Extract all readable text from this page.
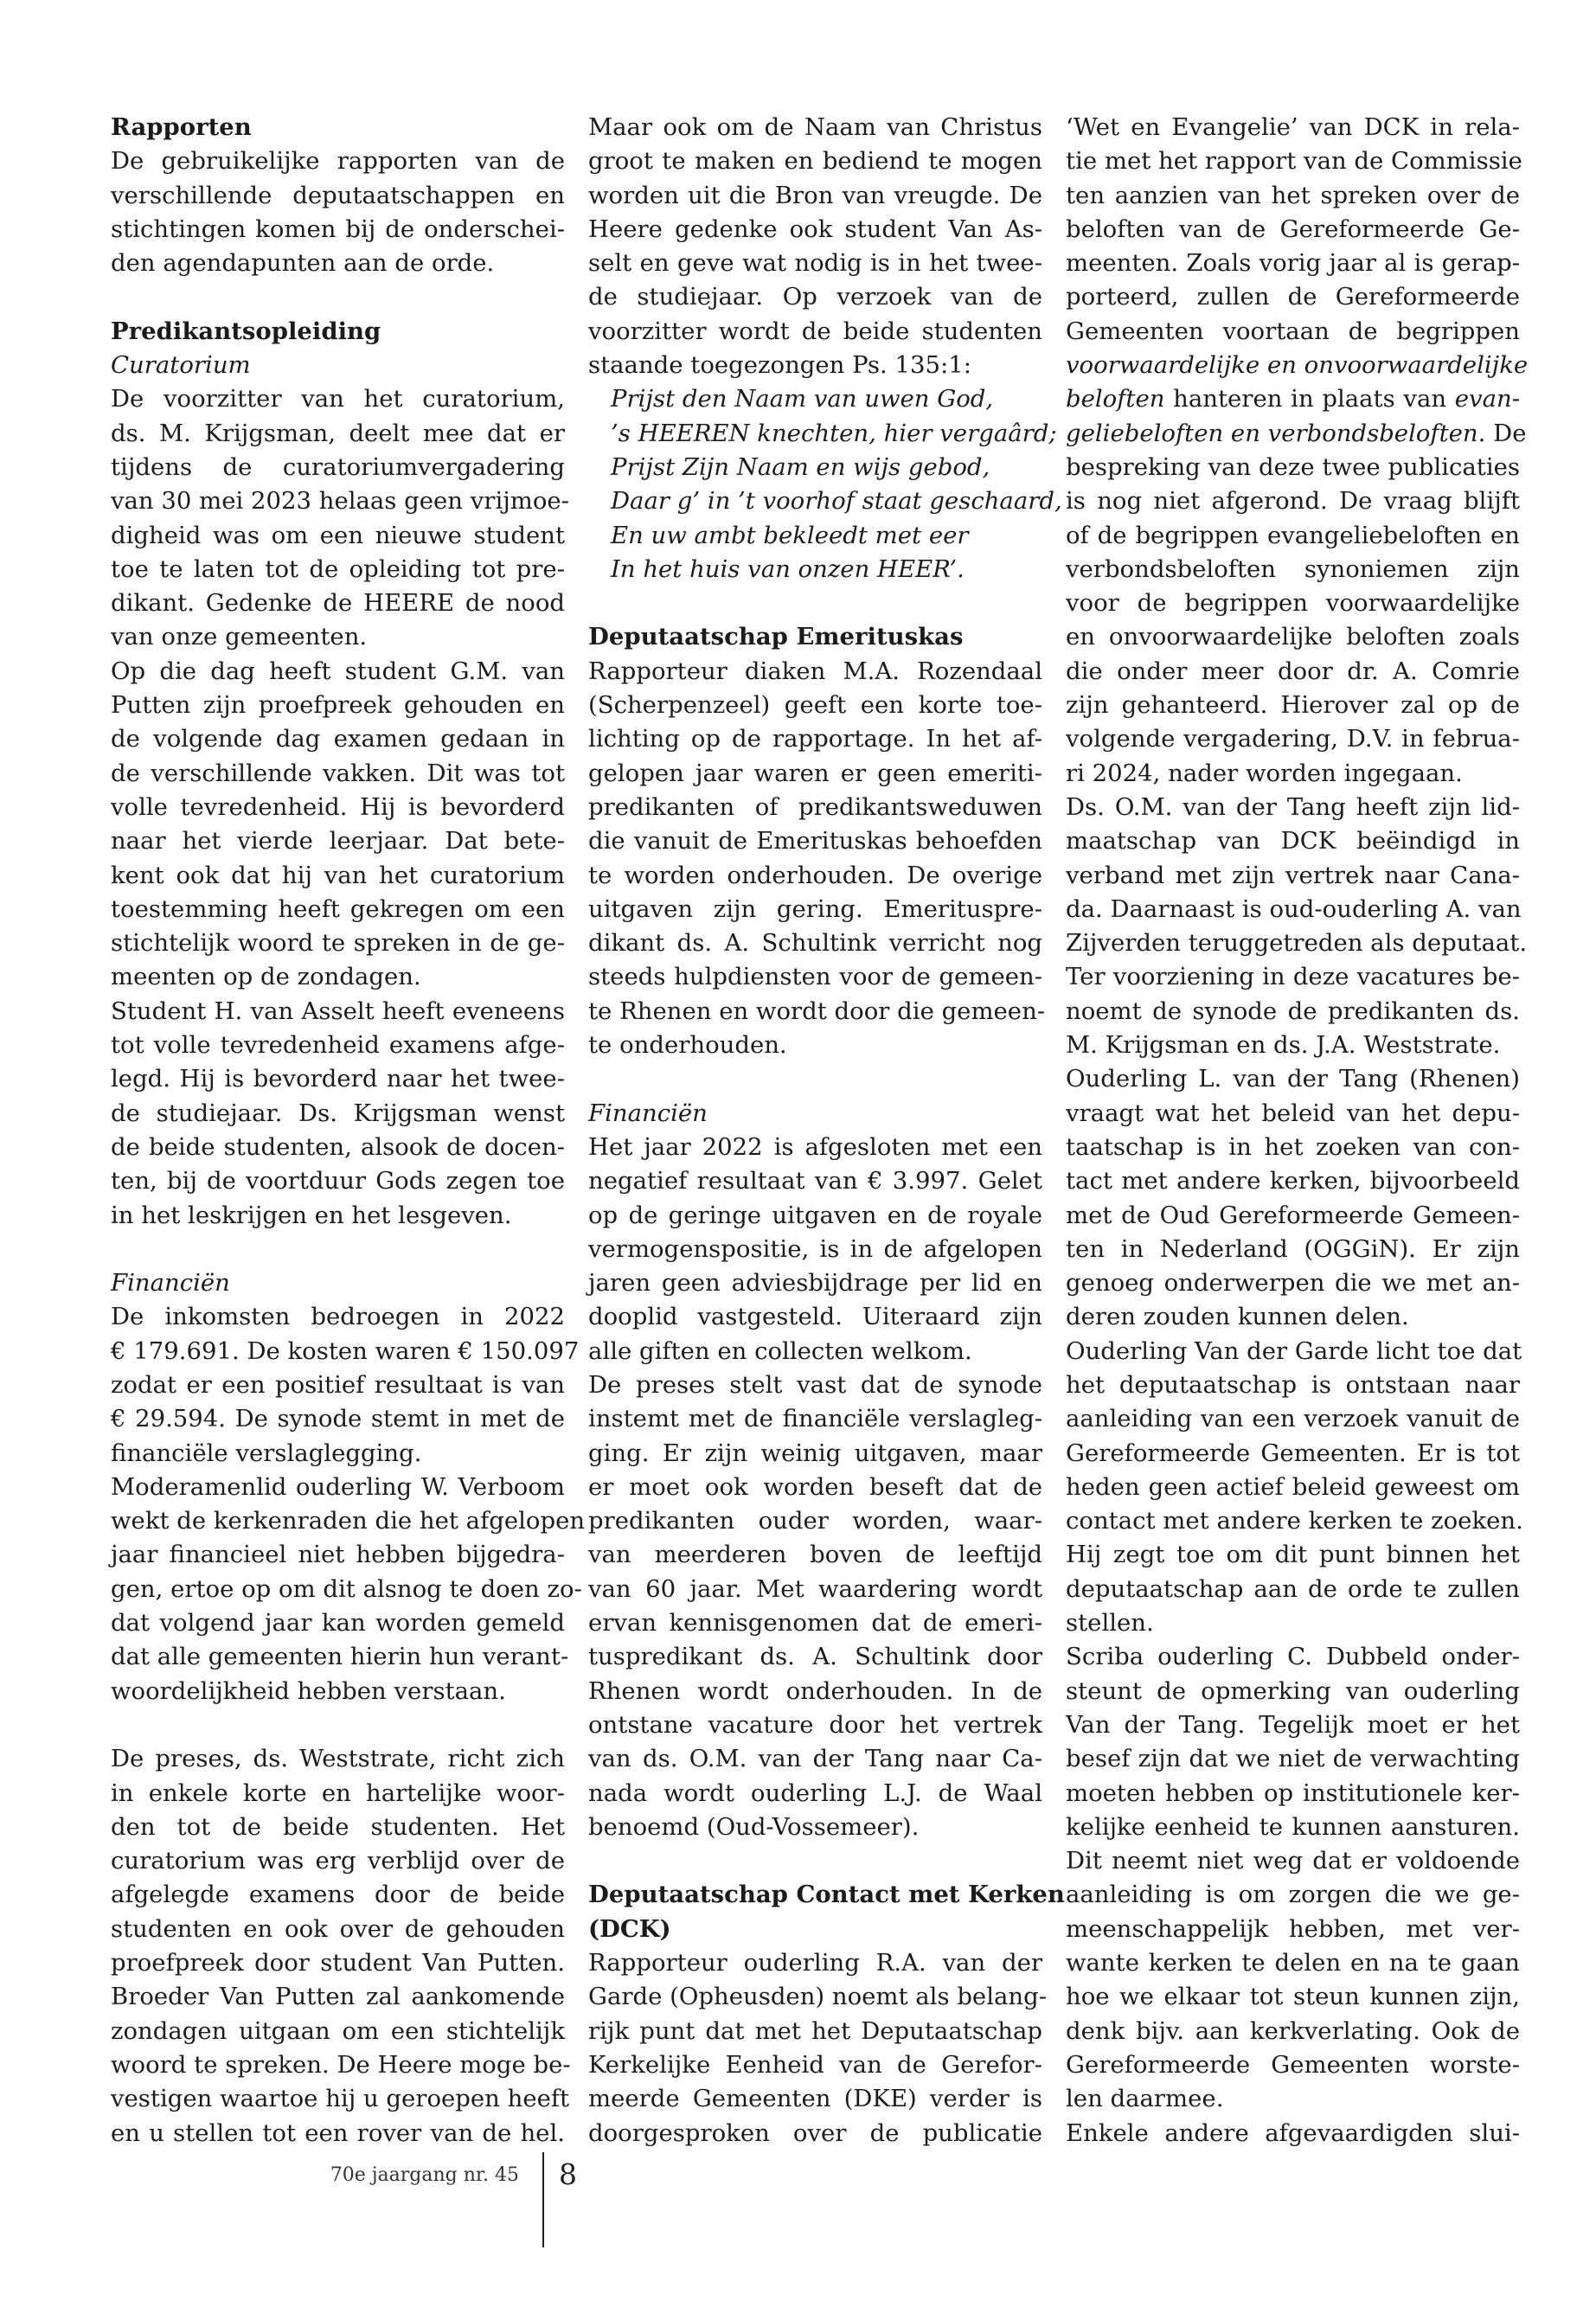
Rapporten
De gebruikelijke rapporten van de
verschillende deputaatschappen en
stichtingen komen bij de onderschei-
den agendapunten aan de orde.
Predikantsopleiding
Curatorium
De voorzitter van het curatorium,
ds. M. Krijgsman, deelt mee dat er
tijdens de curatoriumvergadering
van 30 mei 2023 helaas geen vrijmoe-
digheid was om een nieuwe student
toe te laten tot de opleiding tot pre-
dikant. Gedenke de HEERE de nood
van onze gemeenten.
Op die dag heeft student G.M. van
Putten zijn proefpreek gehouden en
de volgende dag examen gedaan in
de verschillende vakken. Dit was tot
volle tevredenheid. Hij is bevorderd
naar het vierde leerjaar. Dat bete-
kent ook dat hij van het curatorium
toestemming heeft gekregen om een
stichtelijk woord te spreken in de ge-
meenten op de zondagen.
Student H. van Asselt heeft eveneens
tot volle tevredenheid examens afge-
legd. Hij is bevorderd naar het twee-
de studiejaar. Ds. Krijgsman wenst
de beide studenten, alsook de docen-
ten, bij de voortduur Gods zegen toe
in het leskrijgen en het lesgeven.
Financiën
De inkomsten bedroegen in 2022
€ 179.691. De kosten waren € 150.097
zodat er een positief resultaat is van
€ 29.594. De synode stemt in met de
financiële verslaglegging.
Moderamenlid ouderling W. Verboom
wekt de kerkenraden die het afgelopen
jaar financieel niet hebben bijgedra-
gen, ertoe op om dit alsnog te doen zo-
dat volgend jaar kan worden gemeld
dat alle gemeenten hierin hun verant-
woordelijkheid hebben verstaan.
De preses, ds. Weststrate, richt zich
in enkele korte en hartelijke woor-
den tot de beide studenten. Het
curatorium was erg verblijd over de
afgelegde examens door de beide
studenten en ook over de gehouden
proefpreek door student Van Putten.
Broeder Van Putten zal aankomende
zondagen uitgaan om een stichtelijk
woord te spreken. De Heere moge be-
vestigen waartoe hij u geroepen heeft
en u stellen tot een rover van de hel.
Maar ook om de Naam van Christus
groot te maken en bediend te mogen
worden uit die Bron van vreugde. De
Heere gedenke ook student Van As-
selt en geve wat nodig is in het twee-
de studiejaar. Op verzoek van de
voorzitter wordt de beide studenten
staande toegezongen Ps. 135:1:
Prijst den Naam van uwen God,
’s HEEREN knechten, hier vergaârd;
Prijst Zijn Naam en wijs gebod,
Daar g’ in ’t voorhof staat geschaard,
En uw ambt bekleedt met eer
In het huis van onzen HEER’.
Deputaatschap Emerituskas
Rapporteur diaken M.A. Rozendaal
(Scherpenzeel) geeft een korte toe-
lichting op de rapportage. In het af-
gelopen jaar waren er geen emeriti-
predikanten of predikantsweduwen
die vanuit de Emerituskas behoefden
te worden onderhouden. De overige
uitgaven zijn gering. Emerituspre-
dikant ds. A. Schultink verricht nog
steeds hulpdiensten voor de gemeen-
te Rhenen en wordt door die gemeen-
te onderhouden.
Financiën
Het jaar 2022 is afgesloten met een
negatief resultaat van € 3.997. Gelet
op de geringe uitgaven en de royale
vermogenspositie, is in de afgelopen
jaren geen adviesbijdrage per lid en
dooplid vastgesteld. Uiteraard zijn
alle giften en collecten welkom.
De preses stelt vast dat de synode
instemt met de financiële verslagleg-
ging. Er zijn weinig uitgaven, maar
er moet ook worden beseft dat de
predikanten ouder worden, waar-
van meerderen boven de leeftijd
van 60 jaar. Met waardering wordt
ervan kennisgenomen dat de emeri-
tuspredikant ds. A. Schultink door
Rhenen wordt onderhouden. In de
ontstane vacature door het vertrek
van ds. O.M. van der Tang naar Ca-
nada wordt ouderling L.J. de Waal
benoemd (Oud-Vossemeer).
Deputaatschap Contact met Kerken
(DCK)
Rapporteur ouderling R.A. van der
Garde (Opheusden) noemt als belang-
rijk punt dat met het Deputaatschap
Kerkelijke Eenheid van de Gerefor-
meerde Gemeenten (DKE) verder is
doorgesproken over de publicatie
‘Wet en Evangelie’ van DCK in rela-
tie met het rapport van de Commissie
ten aanzien van het spreken over de
beloften van de Gereformeerde Ge-
meenten. Zoals vorig jaar al is gerap-
porteerd, zullen de Gereformeerde
Gemeenten voortaan de begrippen
voorwaardelijke en onvoorwaardelijke
beloften hanteren in plaats van evan-
geliebeloften en verbondsbeloften. De
bespreking van deze twee publicaties
is nog niet afgerond. De vraag blijft
of de begrippen evangeliebeloften en
verbondsbeloften synoniemen zijn
voor de begrippen voorwaardelijke
en onvoorwaardelijke beloften zoals
die onder meer door dr. A. Comrie
zijn gehanteerd. Hierover zal op de
volgende vergadering, D.V. in februa-
ri 2024, nader worden ingegaan.
Ds. O.M. van der Tang heeft zijn lid-
maatschap van DCK beëindigd in
verband met zijn vertrek naar Cana-
da. Daarnaast is oud-ouderling A. van
Zijverden teruggetreden als deputaat.
Ter voorziening in deze vacatures be-
noemt de synode de predikanten ds.
M. Krijgsman en ds. J.A. Weststrate.
Ouderling L. van der Tang (Rhenen)
vraagt wat het beleid van het depu-
taatschap is in het zoeken van con-
tact met andere kerken, bijvoorbeeld
met de Oud Gereformeerde Gemeen-
ten in Nederland (OGGiN). Er zijn
genoeg onderwerpen die we met an-
deren zouden kunnen delen.
Ouderling Van der Garde licht toe dat
het deputaatschap is ontstaan naar
aanleiding van een verzoek vanuit de
Gereformeerde Gemeenten. Er is tot
heden geen actief beleid geweest om
contact met andere kerken te zoeken.
Hij zegt toe om dit punt binnen het
deputaatschap aan de orde te zullen
stellen.
Scriba ouderling C. Dubbeld onder-
steunt de opmerking van ouderling
Van der Tang. Tegelijk moet er het
besef zijn dat we niet de verwachting
moeten hebben op institutionele ker-
kelijke eenheid te kunnen aansturen.
Dit neemt niet weg dat er voldoende
aanleiding is om zorgen die we ge-
meenschappelijk hebben, met ver-
wante kerken te delen en na te gaan
hoe we elkaar tot steun kunnen zijn,
denk bijv. aan kerkverlating. Ook de
Gereformeerde Gemeenten worste-
len daarmee.
Enkele andere afgevaardigden slui-
70e jaargang nr. 45 8
